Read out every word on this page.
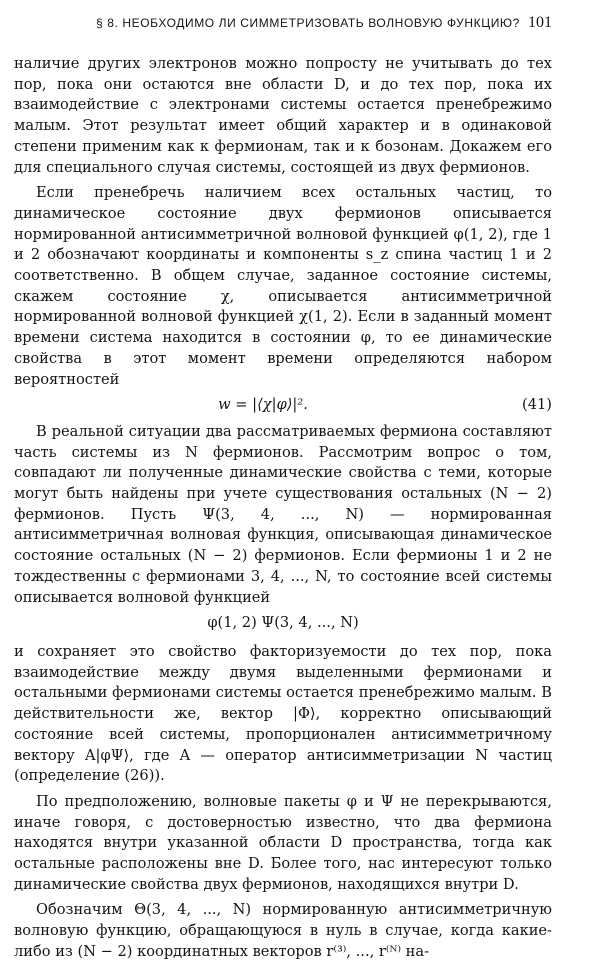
§ 8. НЕОБХОДИМО ЛИ СИММЕТРИЗОВАТЬ ВОЛНОВУЮ ФУНКЦИЮ? 101

наличие других электронов можно попросту не учитывать до тех пор, пока они остаются вне области D, и до тех пор, пока их взаимодействие с электронами системы остается пренебрежимо малым. Этот результат имеет общий характер и в одинаковой степени применим как к фермионам, так и к бозонам. Докажем его для специального случая системы, состоящей из двух фермионов.

Если пренебречь наличием всех остальных частиц, то динамическое состояние двух фермионов описывается нормированной антисимметричной волновой функцией φ(1, 2), где 1 и 2 обозначают координаты и компоненты s_z спина частиц 1 и 2 соответственно. В общем случае, заданное состояние системы, скажем состояние χ, описывается антисимметричной нормированной волновой функцией χ(1, 2). Если в заданный момент времени система находится в состоянии φ, то ее динамические свойства в этот момент времени определяются набором вероятностей

w = |⟨χ|φ⟩|².	(41)

В реальной ситуации два рассматриваемых фермиона составляют часть системы из N фермионов. Рассмотрим вопрос о том, совпадают ли полученные динамические свойства с теми, которые могут быть найдены при учете существования остальных (N − 2) фермионов. Пусть Ψ(3, 4, ..., N) — нормированная антисимметричная волновая функция, описывающая динамическое состояние остальных (N − 2) фермионов. Если фермионы 1 и 2 не тождественны с фермионами 3, 4, ..., N, то состояние всей системы описывается волновой функцией

φ(1, 2) Ψ(3, 4, ..., N)

и сохраняет это свойство факторизуемости до тех пор, пока взаимодействие между двумя выделенными фермионами и остальными фермионами системы остается пренебрежимо малым. В действительности же, вектор |Φ⟩, корректно описывающий состояние всей системы, пропорционален антисимметричному вектору A|φΨ⟩, где A — оператор антисимметризации N частиц (определение (26)).

По предположению, волновые пакеты φ и Ψ не перекрываются, иначе говоря, с достоверностью известно, что два фермиона находятся внутри указанной области D пространства, тогда как остальные расположены вне D. Более того, нас интересуют только динамические свойства двух фермионов, находящихся внутри D.

Обозначим Θ(3, 4, ..., N) нормированную антисимметричную волновую функцию, обращающуюся в нуль в случае, когда какие-либо из (N − 2) координатных векторов r⁽³⁾, ..., r⁽ᴺ⁾ на-
